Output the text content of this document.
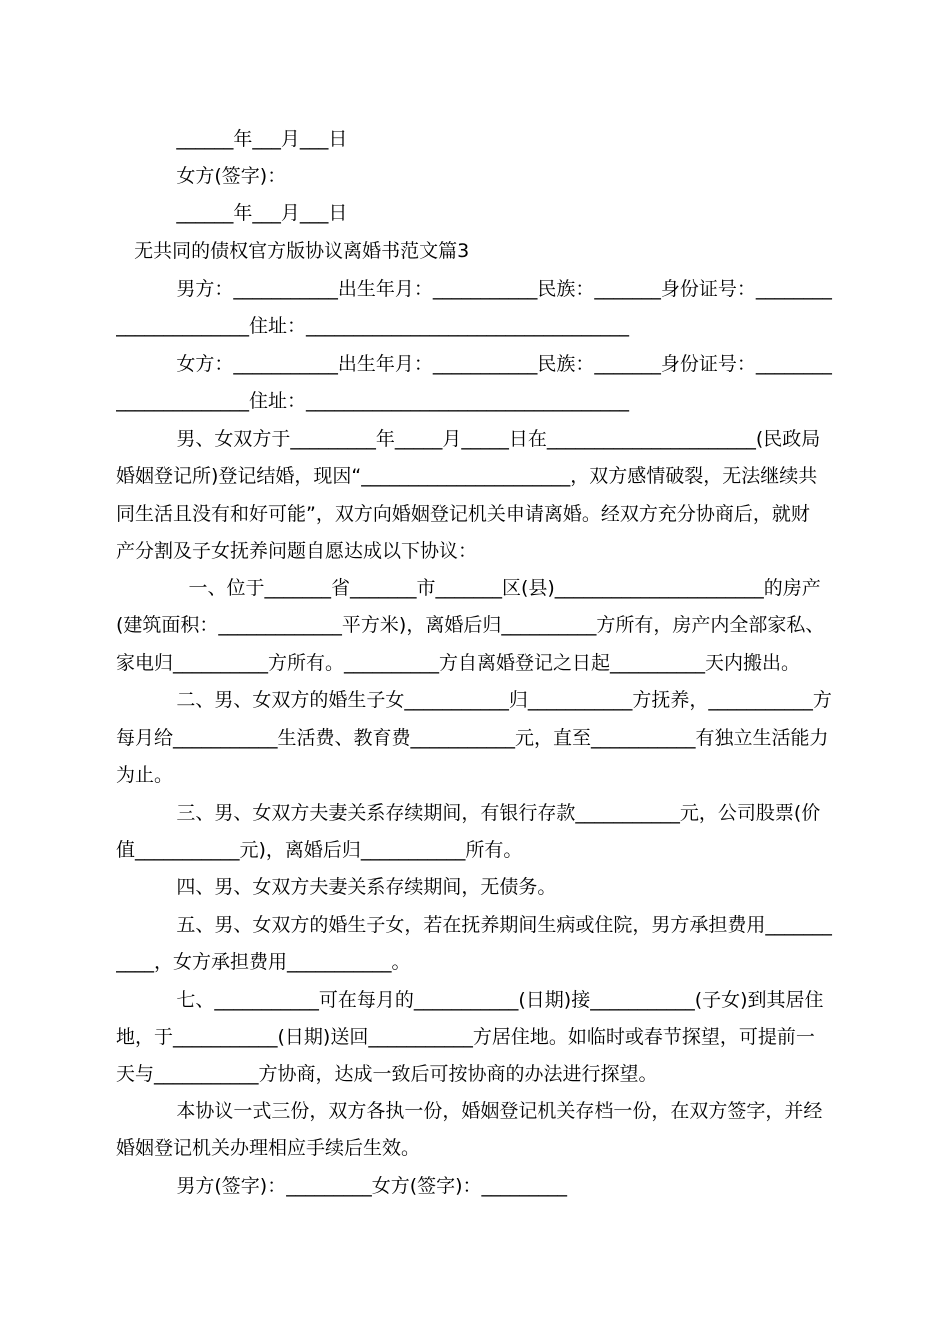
______年___月___日
女方(签字)：
______年___月___日
无共同的债权官方版协议离婚书范文篇3
男方：___________出生年月：___________民族：_______身份证号：________
______________住址：__________________________________
女方：___________出生年月：___________民族：_______身份证号：________
______________住址：__________________________________
男、女双方于_________年_____月_____日在______________________(民政局
婚姻登记所)登记结婚，现因“______________________，双方感情破裂，无法继续共
同生活且没有和好可能”，双方向婚姻登记机关申请离婚。经双方充分协商后，就财
产分割及子女抚养问题自愿达成以下协议：
一、位于_______省_______市_______区(县)______________________的房产
(建筑面积：_____________平方米)，离婚后归__________方所有，房产内全部家私、
家电归__________方所有。__________方自离婚登记之日起__________天内搬出。
二、男、女双方的婚生子女___________归___________方抚养，___________方
每月给___________生活费、教育费___________元，直至___________有独立生活能力
为止。
三、男、女双方夫妻关系存续期间，有银行存款___________元，公司股票(价
值___________元)，离婚后归___________所有。
四、男、女双方夫妻关系存续期间，无债务。
五、男、女双方的婚生子女，若在抚养期间生病或住院，男方承担费用_______
____，女方承担费用___________。
七、___________可在每月的___________(日期)接___________(子女)到其居住
地，于___________(日期)送回___________方居住地。如临时或春节探望，可提前一
天与___________方协商，达成一致后可按协商的办法进行探望。
本协议一式三份，双方各执一份，婚姻登记机关存档一份，在双方签字，并经
婚姻登记机关办理相应手续后生效。
男方(签字)：_________女方(签字)：_________
